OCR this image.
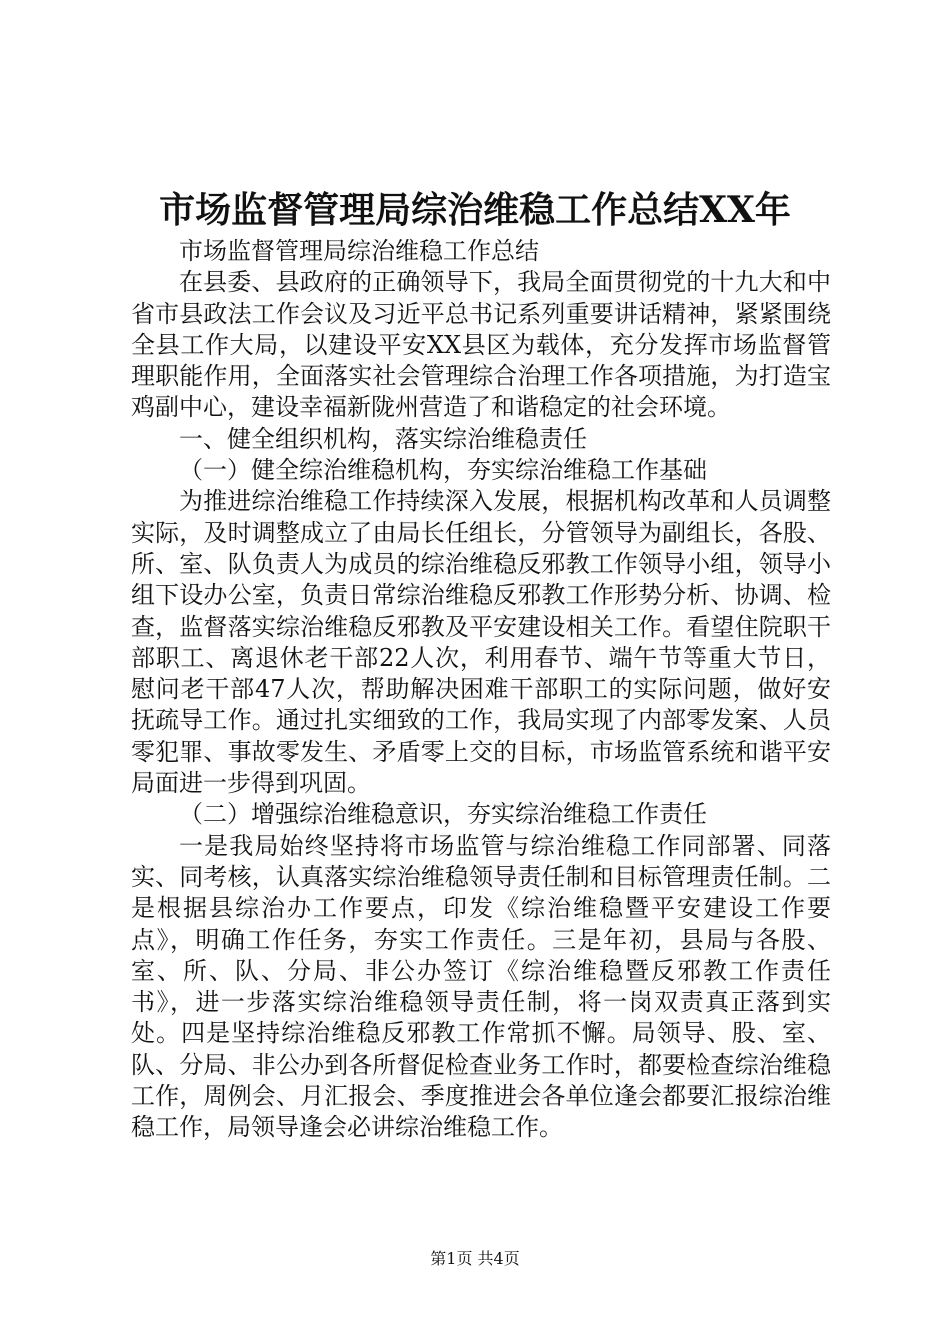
市场监督管理局综治维稳工作总结XX年

市场监督管理局综治维稳工作总结

在县委、县政府的正确领导下，我局全面贯彻党的十九大和中省市县政法工作会议及习近平总书记系列重要讲话精神，紧紧围绕全县工作大局，以建设平安XX县区为载体，充分发挥市场监督管理职能作用，全面落实社会管理综合治理工作各项措施，为打造宝鸡副中心，建设幸福新陇州营造了和谐稳定的社会环境。

一、健全组织机构，落实综治维稳责任

（一）健全综治维稳机构，夯实综治维稳工作基础

为推进综治维稳工作持续深入发展，根据机构改革和人员调整实际，及时调整成立了由局长任组长，分管领导为副组长，各股、所、室、队负责人为成员的综治维稳反邪教工作领导小组，领导小组下设办公室，负责日常综治维稳反邪教工作形势分析、协调、检查，监督落实综治维稳反邪教及平安建设相关工作。看望住院职干部职工、离退休老干部22人次，利用春节、端午节等重大节日，慰问老干部47人次，帮助解决困难干部职工的实际问题，做好安抚疏导工作。通过扎实细致的工作，我局实现了内部零发案、人员零犯罪、事故零发生、矛盾零上交的目标，市场监管系统和谐平安局面进一步得到巩固。

（二）增强综治维稳意识，夯实综治维稳工作责任

一是我局始终坚持将市场监管与综治维稳工作同部署、同落实、同考核，认真落实综治维稳领导责任制和目标管理责任制。二是根据县综治办工作要点，印发《综治维稳暨平安建设工作要点》，明确工作任务，夯实工作责任。三是年初，县局与各股、室、所、队、分局、非公办签订《综治维稳暨反邪教工作责任书》，进一步落实综治维稳领导责任制，将一岗双责真正落到实处。四是坚持综治维稳反邪教工作常抓不懈。局领导、股、室、队、分局、非公办到各所督促检查业务工作时，都要检查综治维稳工作，周例会、月汇报会、季度推进会各单位逢会都要汇报综治维稳工作，局领导逢会必讲综治维稳工作。

第1页 共4页
